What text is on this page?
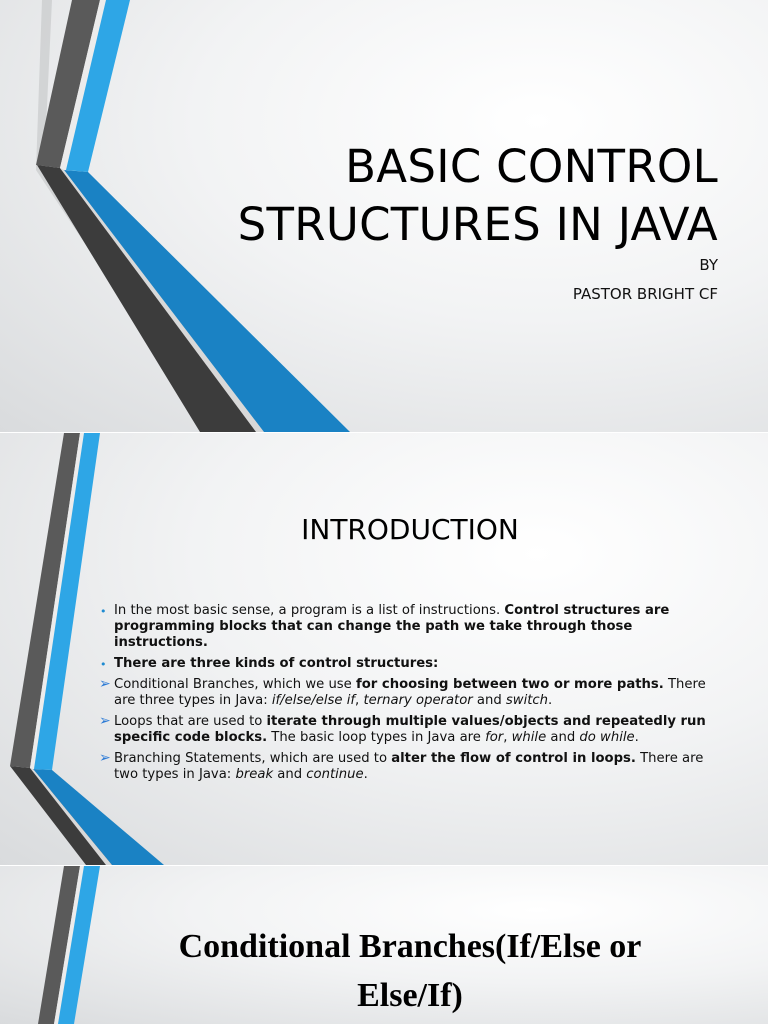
BASIC CONTROL
STRUCTURES IN JAVA
BY
PASTOR BRIGHT CF
INTRODUCTION
• In the most basic sense, a program is a list of instructions. Control structures are programming blocks that can change the path we take through those instructions.
• There are three kinds of control structures:
➢ Conditional Branches, which we use for choosing between two or more paths. There are three types in Java: if/else/else if, ternary operator and switch.
➢ Loops that are used to iterate through multiple values/objects and repeatedly run specific code blocks. The basic loop types in Java are for, while and do while.
➢ Branching Statements, which are used to alter the flow of control in loops. There are two types in Java: break and continue.
Conditional Branches(If/Else or
Else/If)
